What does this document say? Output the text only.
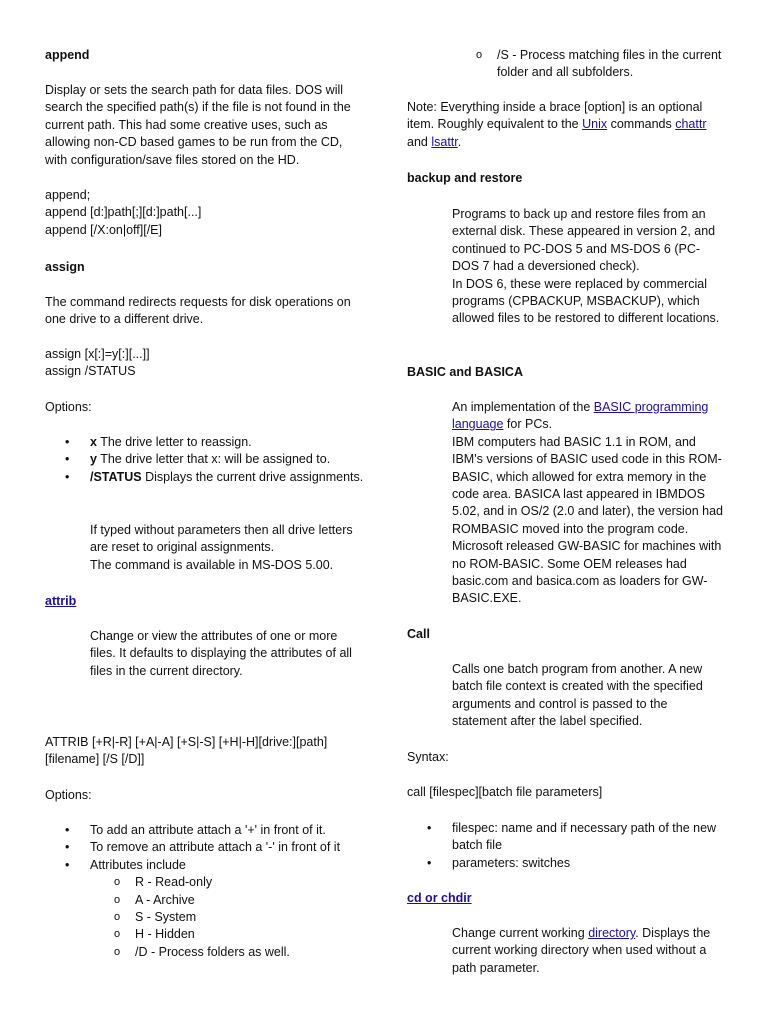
append
Display or sets the search path for data files. DOS will search the specified path(s) if the file is not found in the current path. This had some creative uses, such as allowing non-CD based games to be run from the CD, with configuration/save files stored on the HD.
append;
append [d:]path[;][d:]path[...]
append [/X:on|off][/E]
assign
The command redirects requests for disk operations on one drive to a different drive.
assign [x[:]=y[:][...]]
assign /STATUS
Options:
• x The drive letter to reassign.
• y The drive letter that x: will be assigned to.
• /STATUS Displays the current drive assignments.
If typed without parameters then all drive letters are reset to original assignments.
The command is available in MS-DOS 5.00.
attrib
Change or view the attributes of one or more files. It defaults to displaying the attributes of all files in the current directory.
ATTRIB [+R|-R] [+A|-A] [+S|-S] [+H|-H][drive:][path][filename] [/S [/D]]
Options:
• To add an attribute attach a '+' in front of it.
• To remove an attribute attach a '-' in front of it
• Attributes include
o R - Read-only
o A - Archive
o S - System
o H - Hidden
o /D - Process folders as well.
o /S - Process matching files in the current folder and all subfolders.
Note: Everything inside a brace [option] is an optional item. Roughly equivalent to the Unix commands chattr and lsattr.
backup and restore
Programs to back up and restore files from an external disk. These appeared in version 2, and continued to PC-DOS 5 and MS-DOS 6 (PC-DOS 7 had a deversioned check).
In DOS 6, these were replaced by commercial programs (CPBACKUP, MSBACKUP), which allowed files to be restored to different locations.
BASIC and BASICA
An implementation of the BASIC programming language for PCs.
IBM computers had BASIC 1.1 in ROM, and IBM's versions of BASIC used code in this ROM-BASIC, which allowed for extra memory in the code area. BASICA last appeared in IBMDOS 5.02, and in OS/2 (2.0 and later), the version had ROMBASIC moved into the program code. Microsoft released GW-BASIC for machines with no ROM-BASIC. Some OEM releases had basic.com and basica.com as loaders for GW-BASIC.EXE.
Call
Calls one batch program from another. A new batch file context is created with the specified arguments and control is passed to the statement after the label specified.
Syntax:
call [filespec][batch file parameters]
• filespec: name and if necessary path of the new batch file
• parameters: switches
cd or chdir
Change current working directory. Displays the current working directory when used without a path parameter.
